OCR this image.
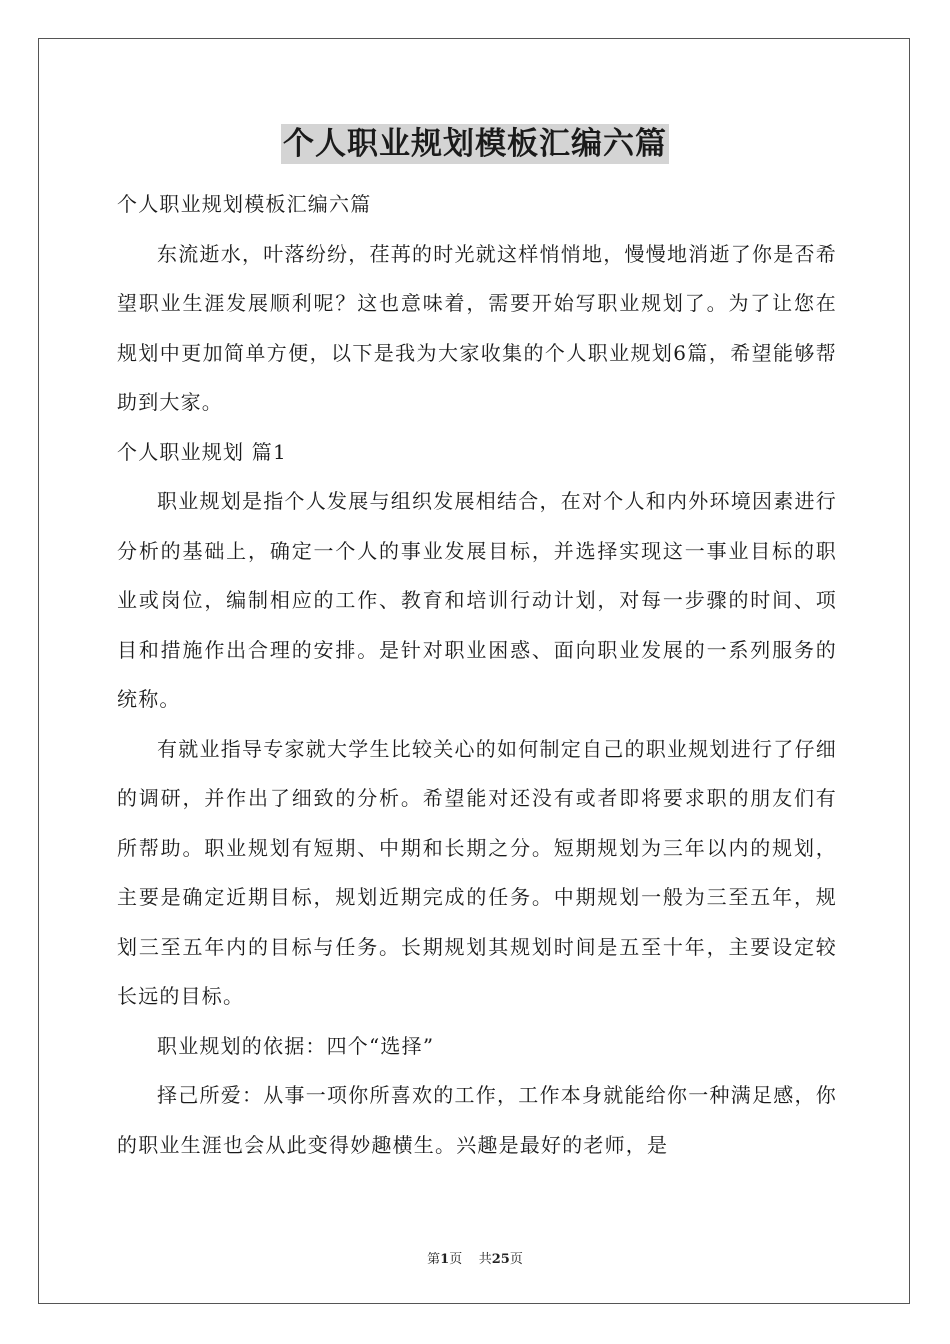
个人职业规划模板汇编六篇

个人职业规划模板汇编六篇

东流逝水，叶落纷纷，荏苒的时光就这样悄悄地，慢慢地消逝了你是否希望职业生涯发展顺利呢？这也意味着，需要开始写职业规划了。为了让您在规划中更加简单方便，以下是我为大家收集的个人职业规划6篇，希望能够帮助到大家。

个人职业规划 篇1

职业规划是指个人发展与组织发展相结合，在对个人和内外环境因素进行分析的基础上，确定一个人的事业发展目标，并选择实现这一事业目标的职业或岗位，编制相应的工作、教育和培训行动计划，对每一步骤的时间、项目和措施作出合理的安排。是针对职业困惑、面向职业发展的一系列服务的统称。

有就业指导专家就大学生比较关心的如何制定自己的职业规划进行了仔细的调研，并作出了细致的分析。希望能对还没有或者即将要求职的朋友们有所帮助。职业规划有短期、中期和长期之分。短期规划为三年以内的规划，主要是确定近期目标，规划近期完成的任务。中期规划一般为三至五年，规划三至五年内的目标与任务。长期规划其规划时间是五至十年，主要设定较长远的目标。

职业规划的依据：四个“选择”

择己所爱：从事一项你所喜欢的工作，工作本身就能给你一种满足感，你的职业生涯也会从此变得妙趣横生。兴趣是最好的老师，是

第1页 共25页
